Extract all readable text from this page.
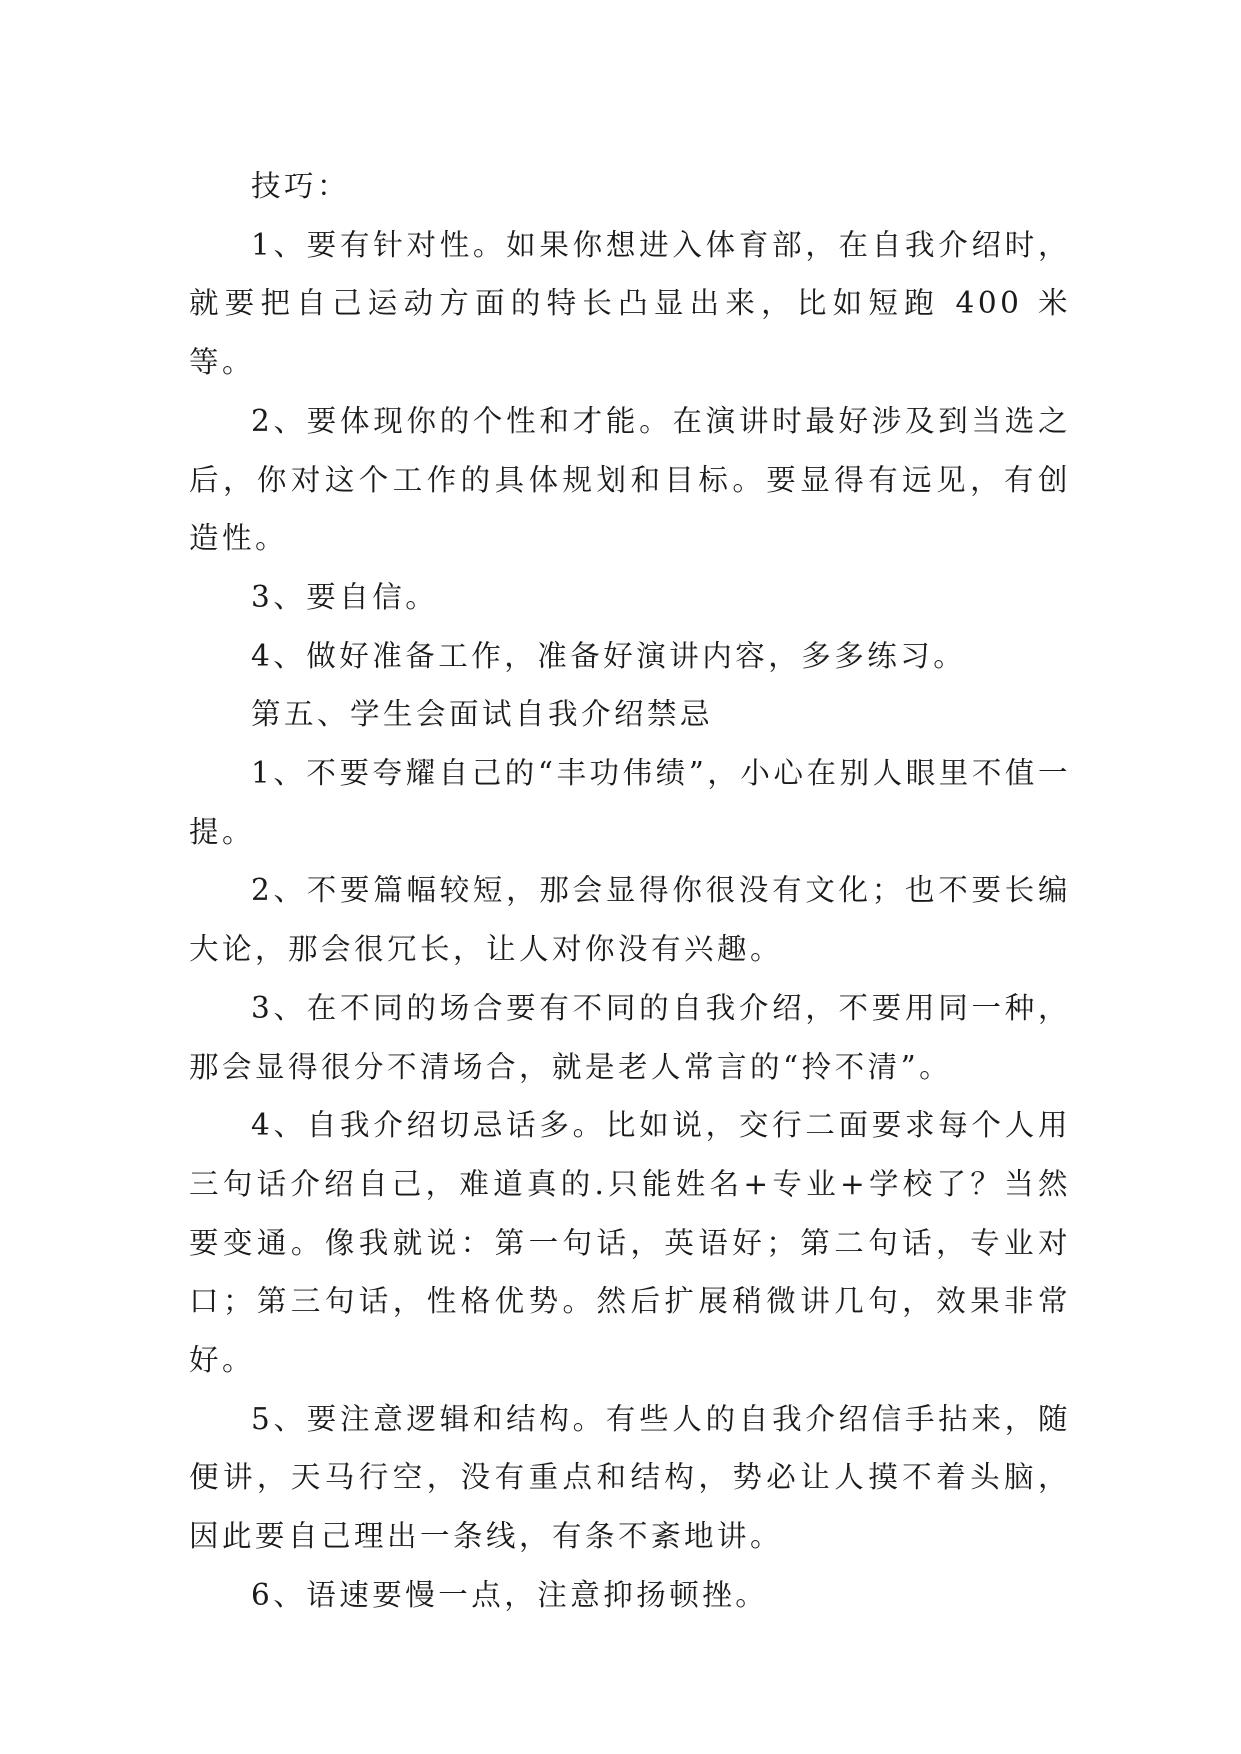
技巧：

1、要有针对性。如果你想进入体育部，在自我介绍时，就要把自己运动方面的特长凸显出来，比如短跑 400 米等。

2、要体现你的个性和才能。在演讲时最好涉及到当选之后，你对这个工作的具体规划和目标。要显得有远见，有创造性。

3、要自信。

4、做好准备工作，准备好演讲内容，多多练习。

第五、学生会面试自我介绍禁忌

1、不要夸耀自己的“丰功伟绩”，小心在别人眼里不值一提。

2、不要篇幅较短，那会显得你很没有文化；也不要长编大论，那会很冗长，让人对你没有兴趣。

3、在不同的场合要有不同的自我介绍，不要用同一种，那会显得很分不清场合，就是老人常言的“拎不清”。

4、自我介绍切忌话多。比如说，交行二面要求每个人用三句话介绍自己，难道真的.只能姓名+专业+学校了？当然要变通。像我就说：第一句话，英语好；第二句话，专业对口；第三句话，性格优势。然后扩展稍微讲几句，效果非常好。

5、要注意逻辑和结构。有些人的自我介绍信手拈来，随便讲，天马行空，没有重点和结构，势必让人摸不着头脑，因此要自己理出一条线，有条不紊地讲。

6、语速要慢一点，注意抑扬顿挫。
